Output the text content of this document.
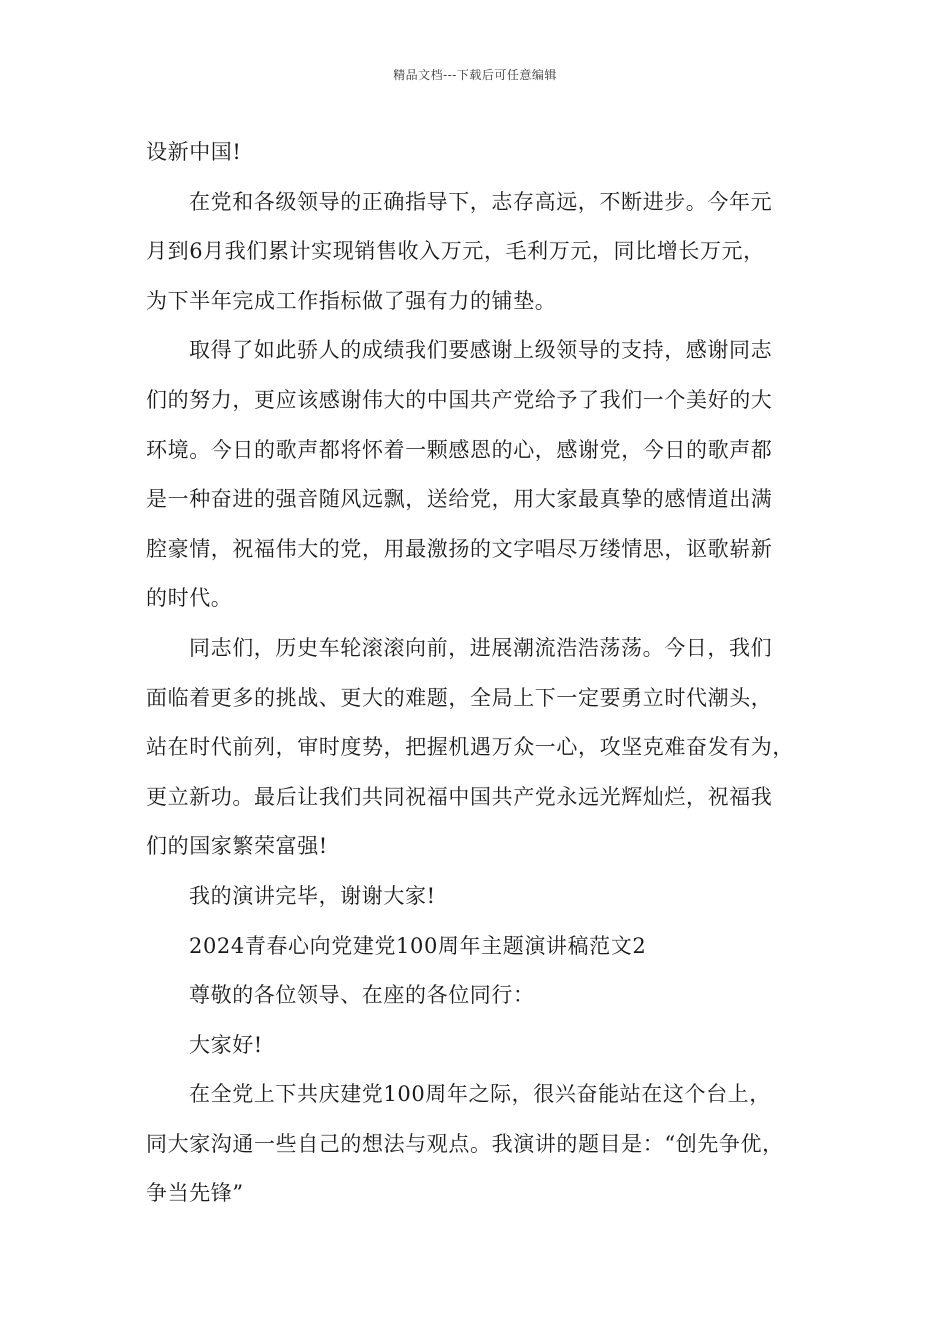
精品文档---下载后可任意编辑
设新中国!
在党和各级领导的正确指导下，志存高远，不断进步。今年元
月到6月我们累计实现销售收入万元，毛利万元，同比增长万元，
为下半年完成工作指标做了强有力的铺垫。
取得了如此骄人的成绩我们要感谢上级领导的支持，感谢同志
们的努力，更应该感谢伟大的中国共产党给予了我们一个美好的大
环境。今日的歌声都将怀着一颗感恩的心，感谢党，今日的歌声都
是一种奋进的强音随风远飘，送给党，用大家最真挚的感情道出满
腔豪情，祝福伟大的党，用最激扬的文字唱尽万缕情思，讴歌崭新
的时代。
同志们，历史车轮滚滚向前，进展潮流浩浩荡荡。今日，我们
面临着更多的挑战、更大的难题，全局上下一定要勇立时代潮头，
站在时代前列，审时度势，把握机遇万众一心，攻坚克难奋发有为，
更立新功。最后让我们共同祝福中国共产党永远光辉灿烂，祝福我
们的国家繁荣富强!
我的演讲完毕，谢谢大家!
2024青春心向党建党100周年主题演讲稿范文2
尊敬的各位领导、在座的各位同行：
大家好!
在全党上下共庆建党100周年之际，很兴奋能站在这个台上，
同大家沟通一些自己的想法与观点。我演讲的题目是：“创先争优，
争当先锋”
